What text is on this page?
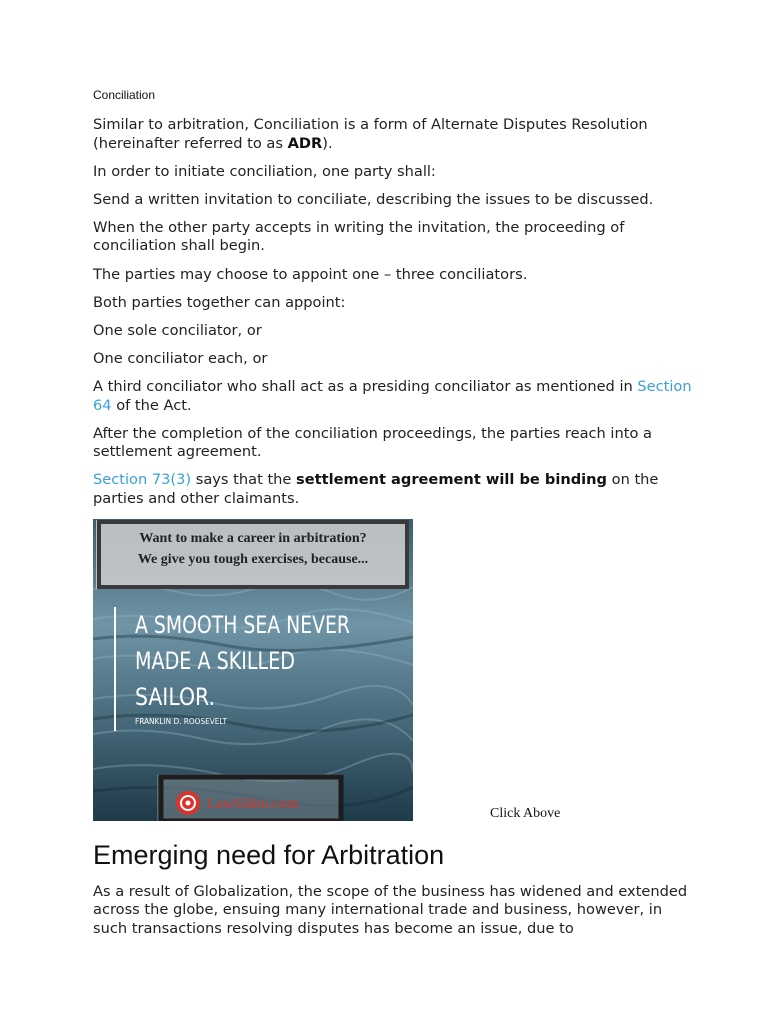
Conciliation

Similar to arbitration, Conciliation is a form of Alternate Disputes Resolution (hereinafter referred to as ADR).

In order to initiate conciliation, one party shall:

Send a written invitation to conciliate, describing the issues to be discussed.

When the other party accepts in writing the invitation, the proceeding of conciliation shall begin.

The parties may choose to appoint one – three conciliators.

Both parties together can appoint:

One sole conciliator, or

One conciliator each, or

A third conciliator who shall act as a presiding conciliator as mentioned in Section 64 of the Act.

After the completion of the conciliation proceedings, the parties reach into a settlement agreement.

Section 73(3) says that the settlement agreement will be binding on the parties and other claimants.

Want to make a career in arbitration?
We give you tough exercises, because...
A SMOOTH SEA NEVER
MADE A SKILLED
SAILOR.
FRANKLIN D. ROOSEVELT
LawSikho.com
Click Above
Emerging need for Arbitration

As a result of Globalization, the scope of the business has widened and extended across the globe, ensuing many international trade and business, however, in such transactions resolving disputes has become an issue, due to
